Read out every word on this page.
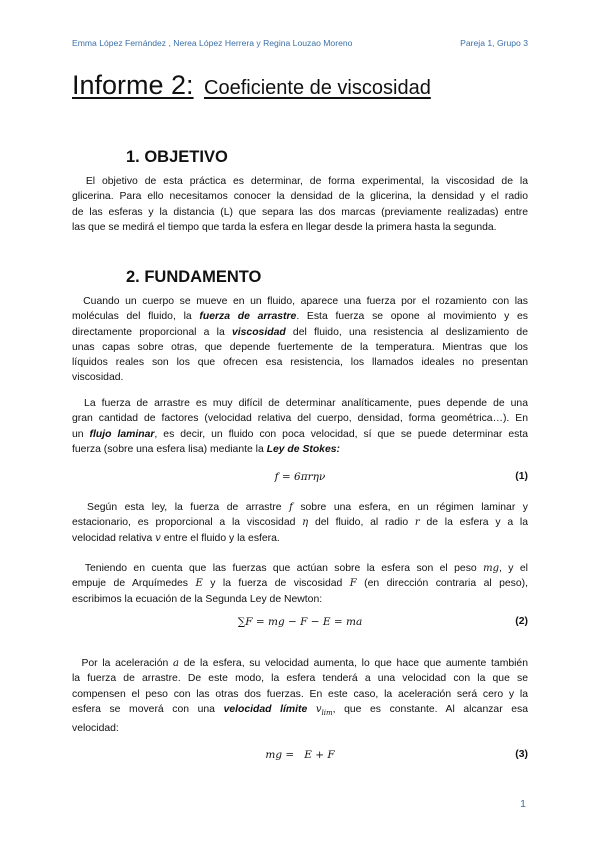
Emma López Fernández , Nerea López Herrera y Regina Louzao Moreno	Pareja 1, Grupo 3
Informe 2: Coeficiente de viscosidad
1. OBJETIVO
El objetivo de esta práctica es determinar, de forma experimental, la viscosidad de la
glicerina. Para ello necesitamos conocer la densidad de la glicerina, la densidad y el radio
de las esferas y la distancia (L) que separa las dos marcas (previamente realizadas) entre
las que se medirá el tiempo que tarda la esfera en llegar desde la primera hasta la segunda.
2. FUNDAMENTO
Cuando un cuerpo se mueve en un fluido, aparece una fuerza por el rozamiento con las
moléculas del fluido, la fuerza de arrastre. Esta fuerza se opone al movimiento y es
directamente proporcional a la viscosidad del fluido, una resistencia al deslizamiento de
unas capas sobre otras, que depende fuertemente de la temperatura. Mientras que los
líquidos reales son los que ofrecen esa resistencia, los llamados ideales no presentan
viscosidad.
La fuerza de arrastre es muy difícil de determinar analíticamente, pues depende de una
gran cantidad de factores (velocidad relativa del cuerpo, densidad, forma geométrica…). En
un flujo laminar, es decir, un fluido con poca velocidad, sí que se puede determinar esta
fuerza (sobre una esfera lisa) mediante la Ley de Stokes:
f = 6πrην	(1)
Según esta ley, la fuerza de arrastre f sobre una esfera, en un régimen laminar y
estacionario, es proporcional a la viscosidad η del fluido, al radio r de la esfera y a la
velocidad relativa v entre el fluido y la esfera.
Teniendo en cuenta que las fuerzas que actúan sobre la esfera son el peso mg, y el
empuje de Arquímedes E y la fuerza de viscosidad F (en dirección contraria al peso),
escribimos la ecuación de la Segunda Ley de Newton:
∑F = mg − F − E = ma	(2)
Por la aceleración a de la esfera, su velocidad aumenta, lo que hace que aumente también
la fuerza de arrastre. De este modo, la esfera tenderá a una velocidad con la que se
compensen el peso con las otras dos fuerzas. En este caso, la aceleración será cero y la
esfera se moverá con una velocidad límite $v_{lim}$, que es constante. Al alcanzar esa
velocidad:
mg =   E + F	(3)
1
